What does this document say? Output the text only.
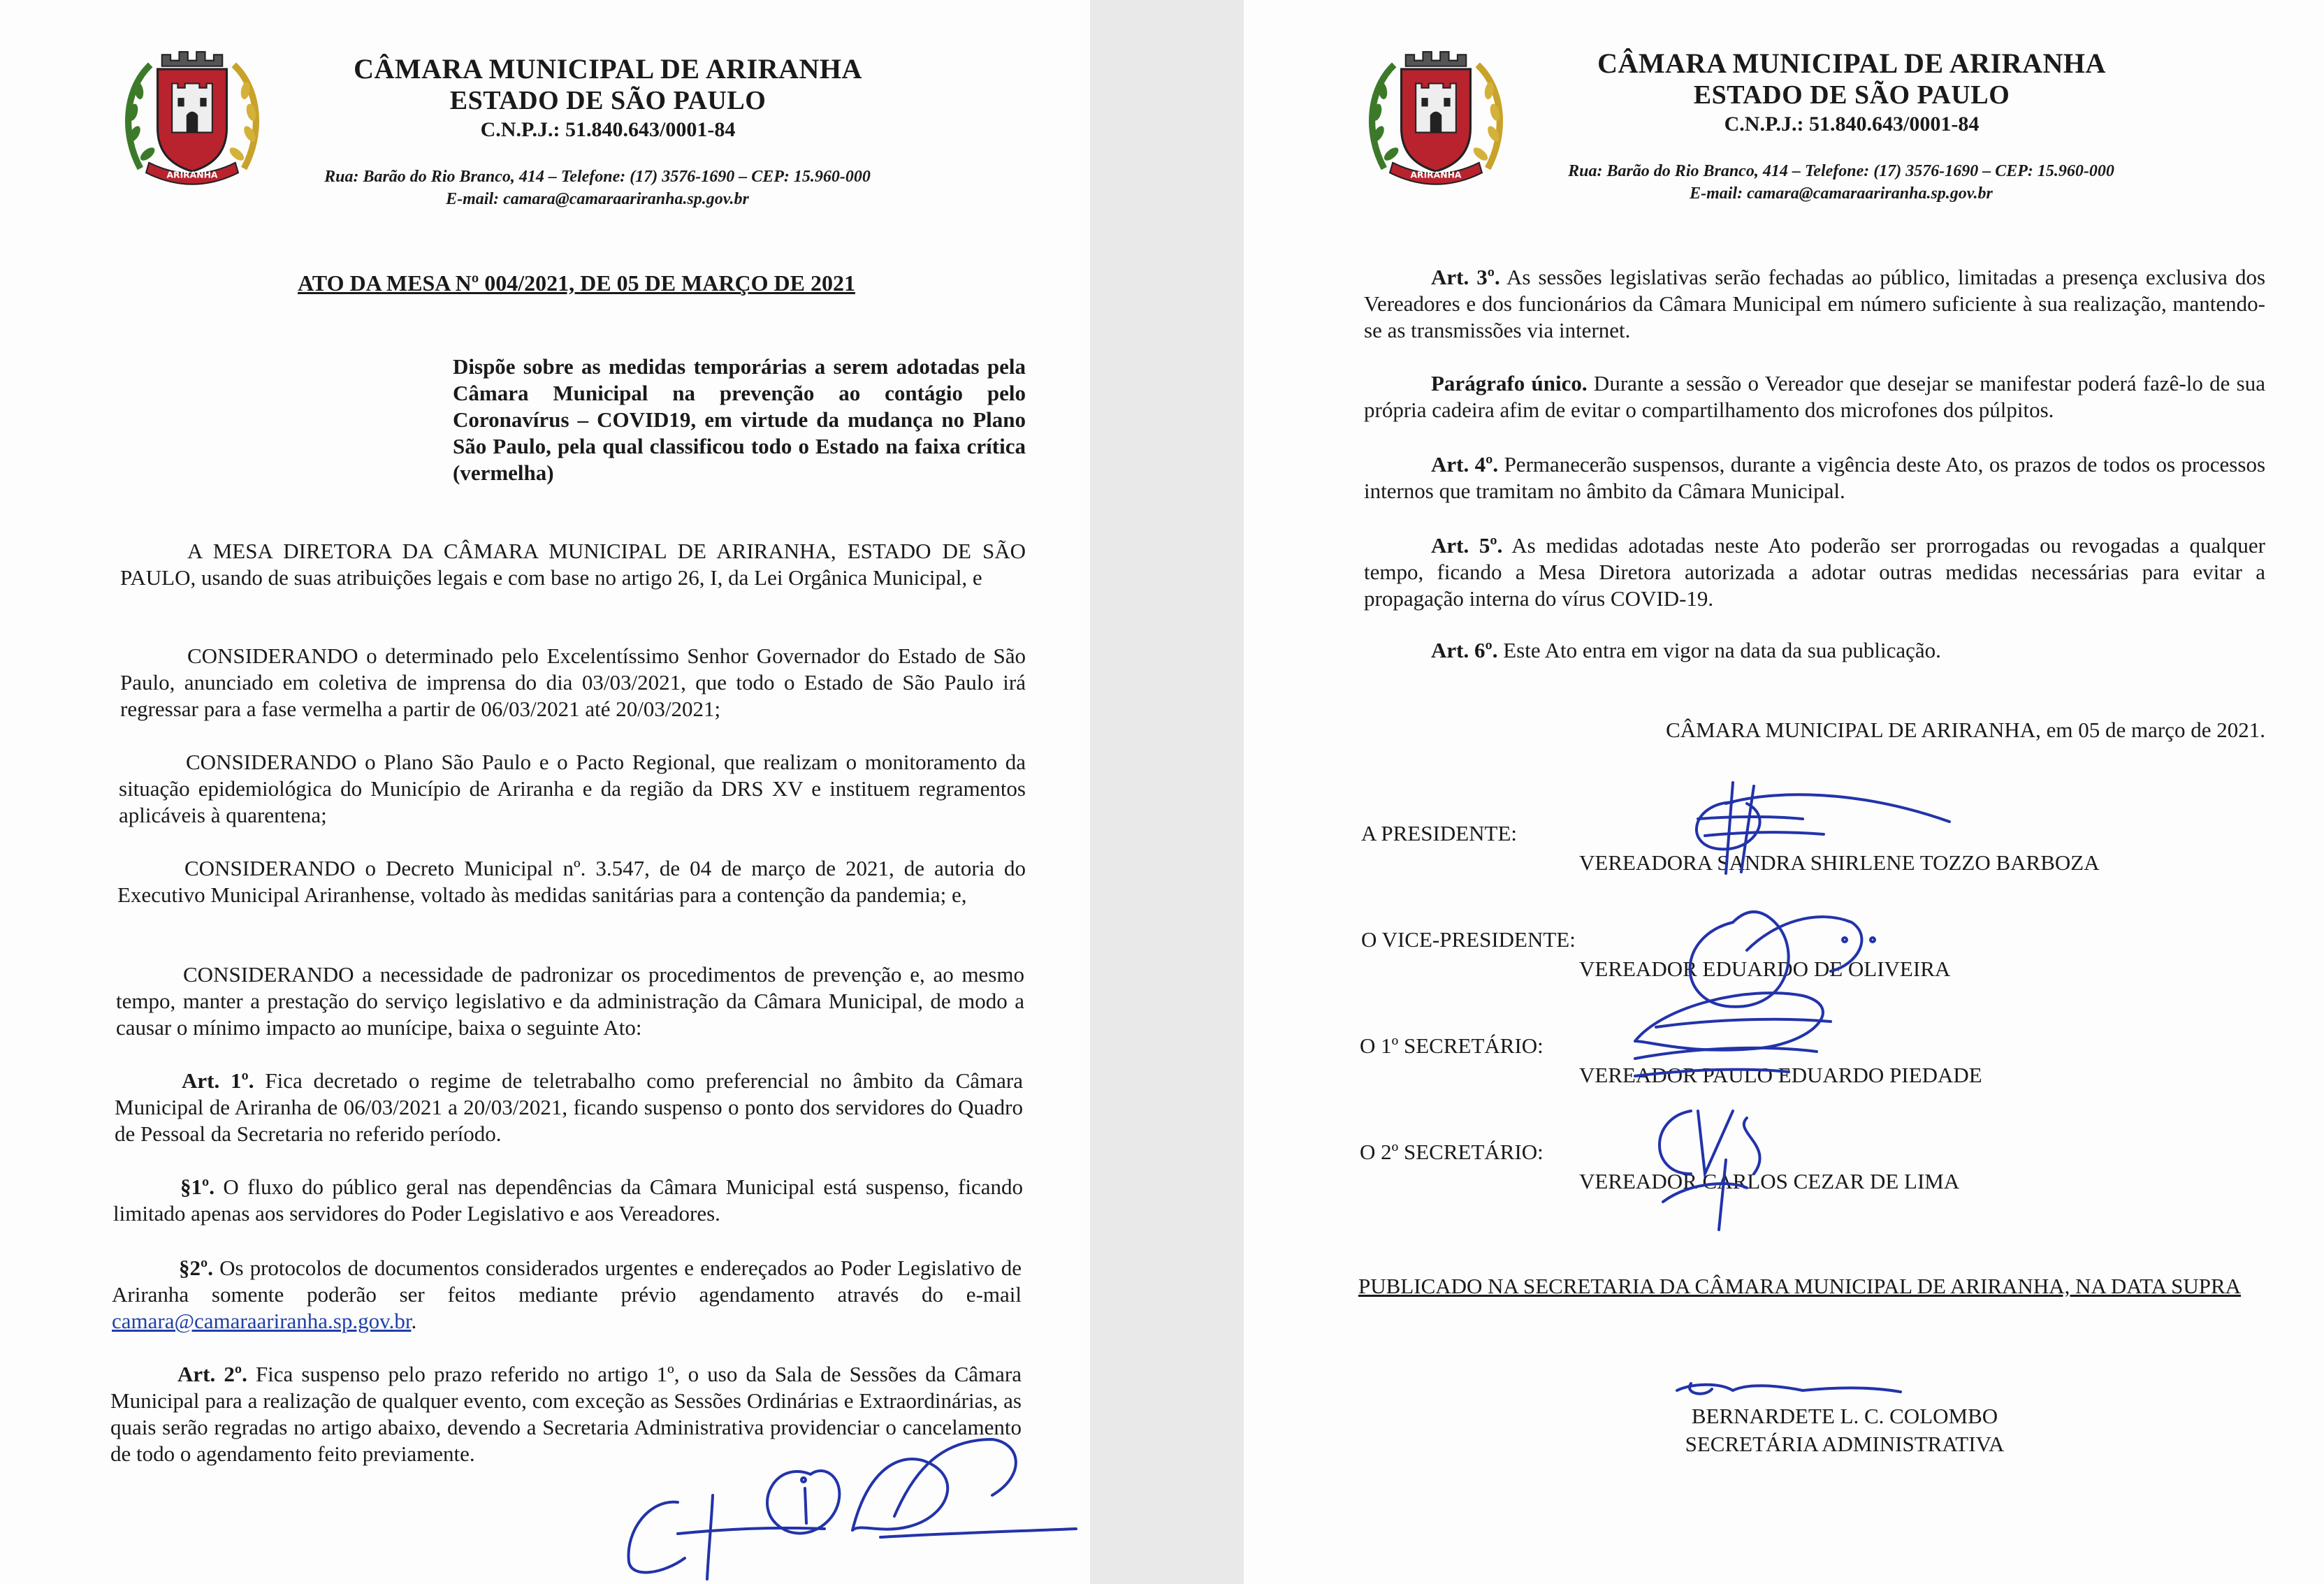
ARIRANHA
CÂMARA MUNICIPAL DE ARIRANHA
ESTADO DE SÃO PAULO
C.N.P.J.: 51.840.643/0001-84
Rua: Barão do Rio Branco, 414 – Telefone: (17) 3576-1690 – CEP: 15.960-000
E-mail: camara@camaraariranha.sp.gov.br
ATO DA MESA Nº 004/2021, DE 05 DE MARÇO DE 2021

Dispõe sobre as medidas temporárias a serem adotadas pela Câmara Municipal na prevenção ao contágio pelo Coronavírus – COVID19, em virtude da mudança no Plano São Paulo, pela qual classificou todo o Estado na faixa crítica (vermelha)

A MESA DIRETORA DA CÂMARA MUNICIPAL DE ARIRANHA, ESTADO DE SÃO PAULO, usando de suas atribuições legais e com base no artigo 26, I, da Lei Orgânica Municipal, e

CONSIDERANDO o determinado pelo Excelentíssimo Senhor Governador do Estado de São Paulo, anunciado em coletiva de imprensa do dia 03/03/2021, que todo o Estado de São Paulo irá regressar para a fase vermelha a partir de 06/03/2021 até 20/03/2021;

CONSIDERANDO o Plano São Paulo e o Pacto Regional, que realizam o monitoramento da situação epidemiológica do Município de Ariranha e da região da DRS XV e instituem regramentos aplicáveis à quarentena;

CONSIDERANDO o Decreto Municipal nº. 3.547, de 04 de março de 2021, de autoria do Executivo Municipal Ariranhense, voltado às medidas sanitárias para a contenção da pandemia; e,

CONSIDERANDO a necessidade de padronizar os procedimentos de prevenção e, ao mesmo tempo, manter a prestação do serviço legislativo e da administração da Câmara Municipal, de modo a causar o mínimo impacto ao munícipe, baixa o seguinte Ato:

Art. 1º. Fica decretado o regime de teletrabalho como preferencial no âmbito da Câmara Municipal de Ariranha de 06/03/2021 a 20/03/2021, ficando suspenso o ponto dos servidores do Quadro de Pessoal da Secretaria no referido período.

§1º. O fluxo do público geral nas dependências da Câmara Municipal está suspenso, ficando limitado apenas aos servidores do Poder Legislativo e aos Vereadores.

§2º. Os protocolos de documentos considerados urgentes e endereçados ao Poder Legislativo de Ariranha somente poderão ser feitos mediante prévio agendamento através do e-mail camara@camaraariranha.sp.gov.br.

Art. 2º. Fica suspenso pelo prazo referido no artigo 1º, o uso da Sala de Sessões da Câmara Municipal para a realização de qualquer evento, com exceção as Sessões Ordinárias e Extraordinárias, as quais serão regradas no artigo abaixo, devendo a Secretaria Administrativa providenciar o cancelamento de todo o agendamento feito previamente.

ARIRANHA
CÂMARA MUNICIPAL DE ARIRANHA
ESTADO DE SÃO PAULO
C.N.P.J.: 51.840.643/0001-84
Rua: Barão do Rio Branco, 414 – Telefone: (17) 3576-1690 – CEP: 15.960-000
E-mail: camara@camaraariranha.sp.gov.br

Art. 3º. As sessões legislativas serão fechadas ao público, limitadas a presença exclusiva dos Vereadores e dos funcionários da Câmara Municipal em número suficiente à sua realização, mantendo-se as transmissões via internet.

Parágrafo único. Durante a sessão o Vereador que desejar se manifestar poderá fazê-lo de sua própria cadeira afim de evitar o compartilhamento dos microfones dos púlpitos.

Art. 4º. Permanecerão suspensos, durante a vigência deste Ato, os prazos de todos os processos internos que tramitam no âmbito da Câmara Municipal.

Art. 5º. As medidas adotadas neste Ato poderão ser prorrogadas ou revogadas a qualquer tempo, ficando a Mesa Diretora autorizada a adotar outras medidas necessárias para evitar a propagação interna do vírus COVID-19.

Art. 6º. Este Ato entra em vigor na data da sua publicação.

CÂMARA MUNICIPAL DE ARIRANHA, em 05 de março de 2021.
A PRESIDENTE:
VEREADORA SANDRA SHIRLENE TOZZO BARBOZA
O VICE-PRESIDENTE:
VEREADOR EDUARDO DE OLIVEIRA
O 1º SECRETÁRIO:
VEREADOR PAULO EDUARDO PIEDADE
O 2º SECRETÁRIO:
VEREADOR CARLOS CEZAR DE LIMA

PUBLICADO NA SECRETARIA DA CÂMARA MUNICIPAL DE ARIRANHA, NA DATA SUPRA

BERNARDETE L. C. COLOMBO
SECRETÁRIA ADMINISTRATIVA
